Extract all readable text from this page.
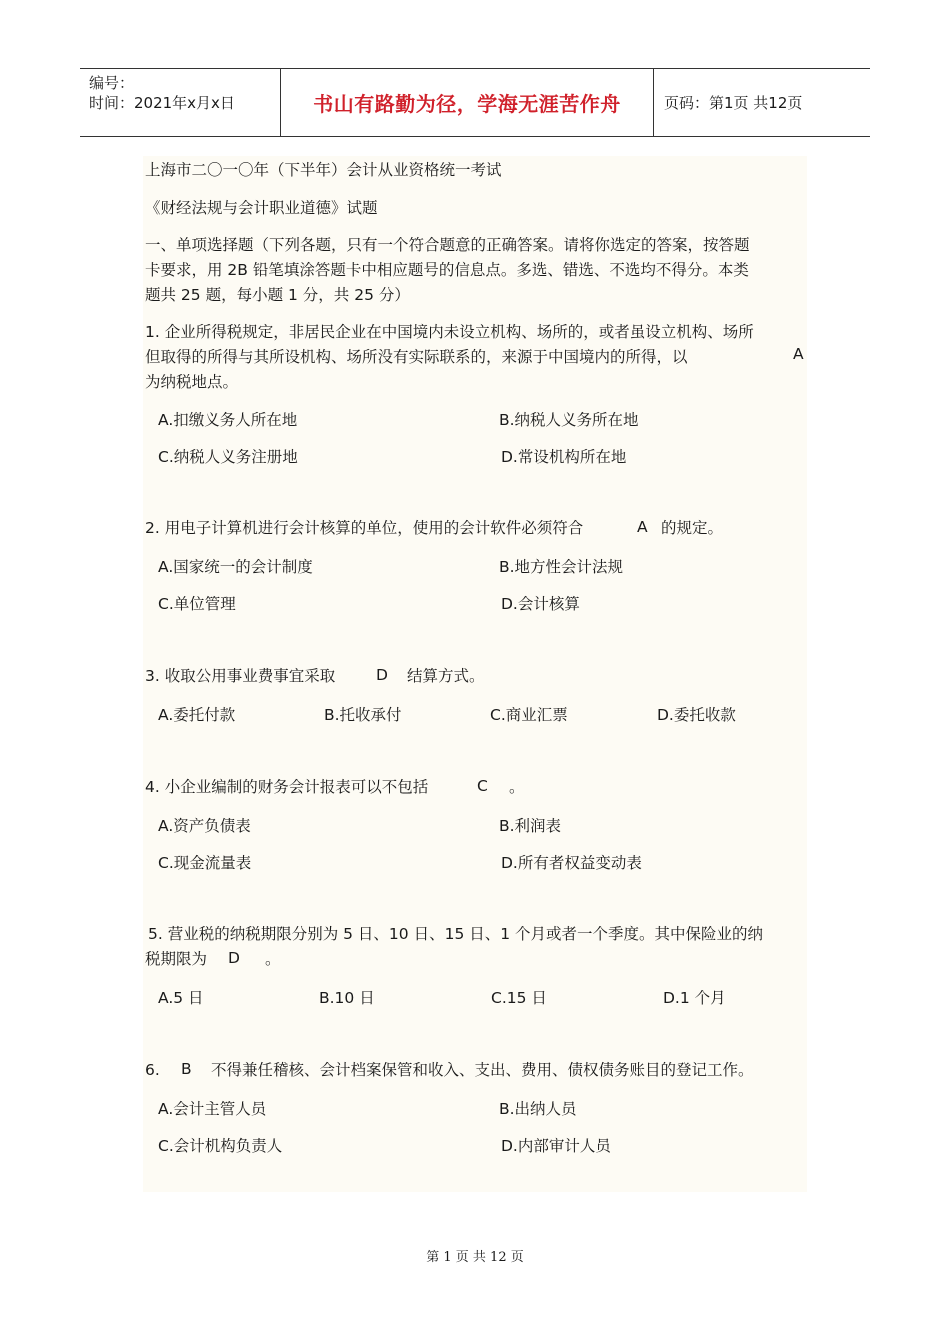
编号：
时间：2021年x月x日	书山有路勤为径，学海无涯苦作舟	页码：第1页 共12页
上海市二〇一〇年（下半年）会计从业资格统一考试
《财经法规与会计职业道德》试题
一、单项选择题（下列各题，只有一个符合题意的正确答案。请将你选定的答案，按答题
卡要求，用 2B 铅笔填涂答题卡中相应题号的信息点。多选、错选、不选均不得分。本类
题共 25 题，每小题 1 分，共 25 分）
1. 企业所得税规定，非居民企业在中国境内未设立机构、场所的，或者虽设立机构、场所
但取得的所得与其所设机构、场所没有实际联系的，来源于中国境内的所得，以	A
为纳税地点。
A.扣缴义务人所在地	B.纳税人义务所在地
C.纳税人义务注册地	D.常设机构所在地
2. 用电子计算机进行会计核算的单位，使用的会计软件必须符合	A 的规定。
A.国家统一的会计制度	B.地方性会计法规
C.单位管理	D.会计核算
3. 收取公用事业费事宜采取	D 结算方式。
A.委托付款	B.托收承付	C.商业汇票	D.委托收款
4. 小企业编制的财务会计报表可以不包括	C 。
A.资产负债表	B.利润表
C.现金流量表	D.所有者权益变动表
5. 营业税的纳税期限分别为 5 日、10 日、15 日、1 个月或者一个季度。其中保险业的纳
税期限为 D 。
A.5 日	B.10 日	C.15 日	D.1 个月
6. B 不得兼任稽核、会计档案保管和收入、支出、费用、债权债务账目的登记工作。
A.会计主管人员	B.出纳人员
C.会计机构负责人	D.内部审计人员
第 1 页 共 12 页
